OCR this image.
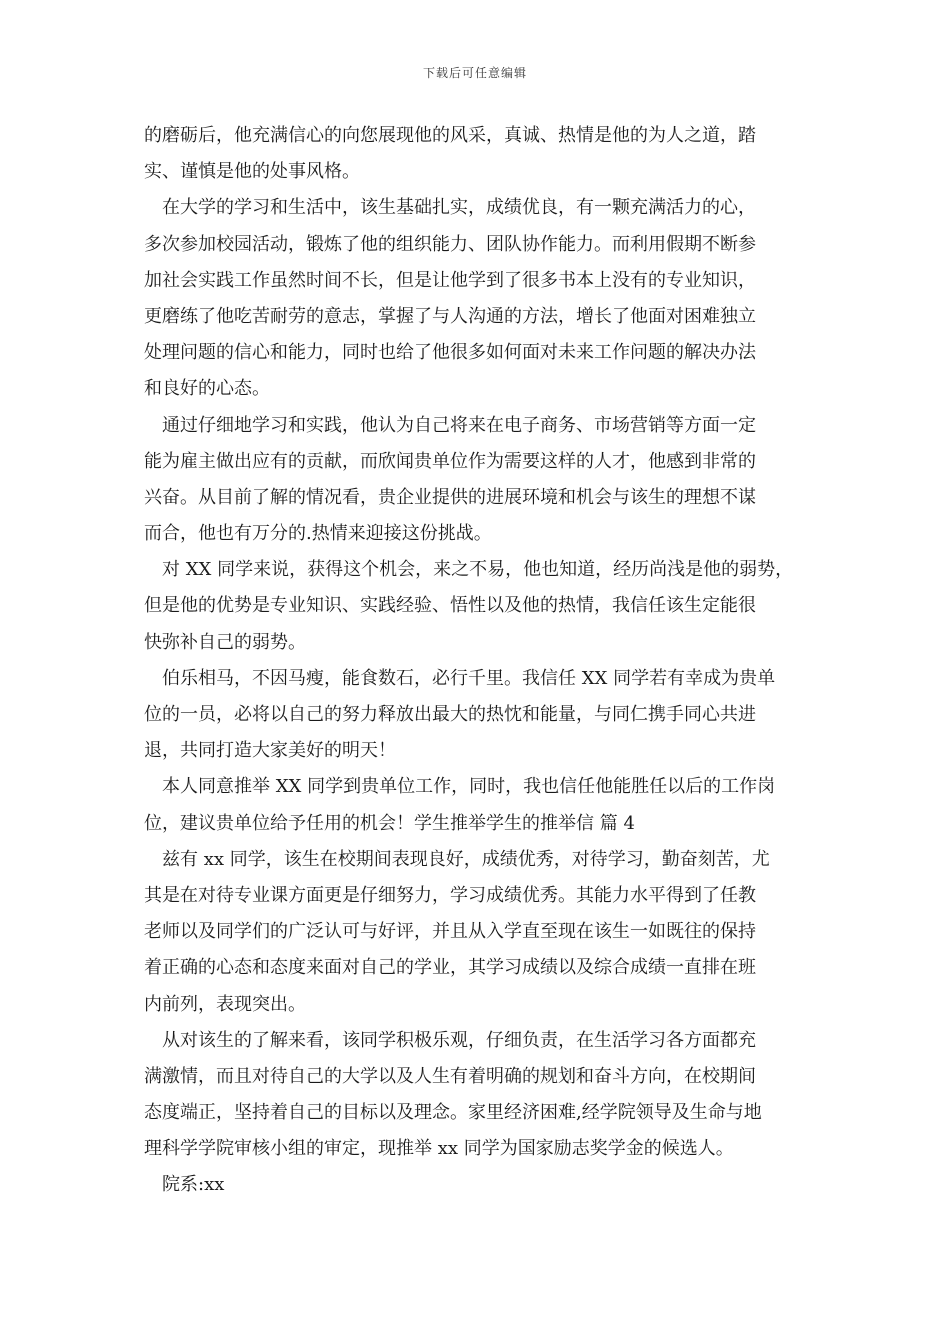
下载后可任意编辑
的磨砺后，他充满信心的向您展现他的风采，真诚、热情是他的为人之道，踏
实、谨慎是他的处事风格。
在大学的学习和生活中，该生基础扎实，成绩优良，有一颗充满活力的心，
多次参加校园活动，锻炼了他的组织能力、团队协作能力。而利用假期不断参
加社会实践工作虽然时间不长，但是让他学到了很多书本上没有的专业知识，
更磨练了他吃苦耐劳的意志，掌握了与人沟通的方法，增长了他面对困难独立
处理问题的信心和能力，同时也给了他很多如何面对未来工作问题的解决办法
和良好的心态。
通过仔细地学习和实践，他认为自己将来在电子商务、市场营销等方面一定
能为雇主做出应有的贡献，而欣闻贵单位作为需要这样的人才，他感到非常的
兴奋。从目前了解的情况看，贵企业提供的进展环境和机会与该生的理想不谋
而合，他也有万分的.热情来迎接这份挑战。
对 XX 同学来说，获得这个机会，来之不易，他也知道，经历尚浅是他的弱势，
但是他的优势是专业知识、实践经验、悟性以及他的热情，我信任该生定能很
快弥补自己的弱势。
伯乐相马，不因马瘦，能食数石，必行千里。我信任 XX 同学若有幸成为贵单
位的一员，必将以自己的努力释放出最大的热忱和能量，与同仁携手同心共进
退，共同打造大家美好的明天！
本人同意推举 XX 同学到贵单位工作，同时，我也信任他能胜任以后的工作岗
位，建议贵单位给予任用的机会！学生推举学生的推举信 篇 4
兹有 xx 同学，该生在校期间表现良好，成绩优秀，对待学习，勤奋刻苦，尤
其是在对待专业课方面更是仔细努力，学习成绩优秀。其能力水平得到了任教
老师以及同学们的广泛认可与好评，并且从入学直至现在该生一如既往的保持
着正确的心态和态度来面对自己的学业，其学习成绩以及综合成绩一直排在班
内前列，表现突出。
从对该生的了解来看，该同学积极乐观，仔细负责，在生活学习各方面都充
满激情，而且对待自己的大学以及人生有着明确的规划和奋斗方向，在校期间
态度端正，坚持着自己的目标以及理念。家里经济困难,经学院领导及生命与地
理科学学院审核小组的审定，现推举 xx 同学为国家励志奖学金的候选人。
院系:xx
